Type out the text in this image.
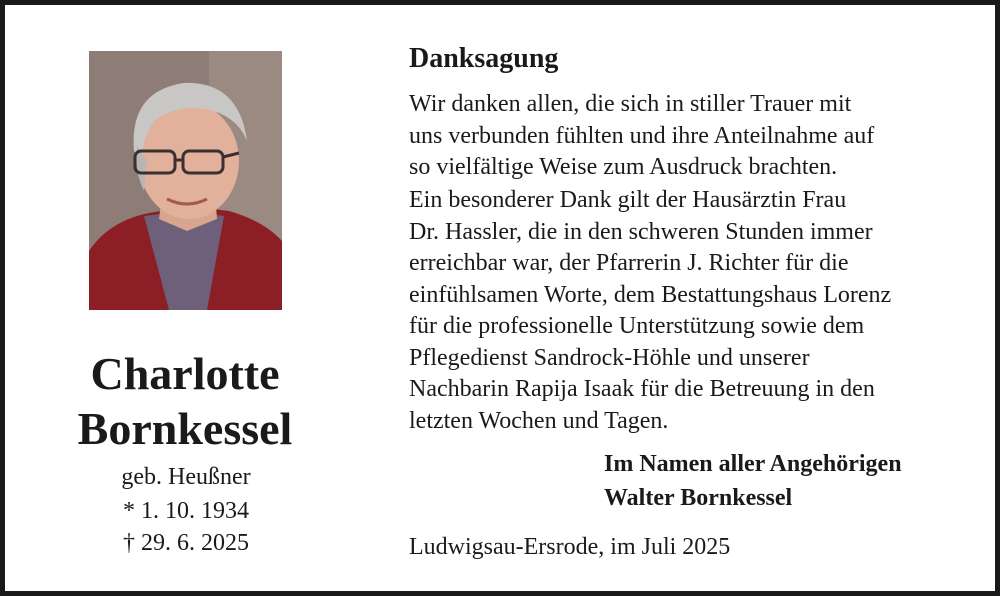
Charlotte
Bornkessel
geb. Heußner
* 1. 10. 1934
† 29. 6. 2025
Danksagung
Wir danken allen, die sich in stiller Trauer mit
uns verbunden fühlten und ihre Anteilnahme auf
so vielfältige Weise zum Ausdruck brachten.
Ein besonderer Dank gilt der Hausärztin Frau
Dr. Hassler, die in den schweren Stunden immer
erreichbar war, der Pfarrerin J. Richter für die
einfühlsamen Worte, dem Bestattungshaus Lorenz
für die professionelle Unterstützung sowie dem
Pflegedienst Sandrock-Höhle und unserer
Nachbarin Rapija Isaak für die Betreuung in den
letzten Wochen und Tagen.
Im Namen aller Angehörigen
Walter Bornkessel
Ludwigsau-Ersrode, im Juli 2025
